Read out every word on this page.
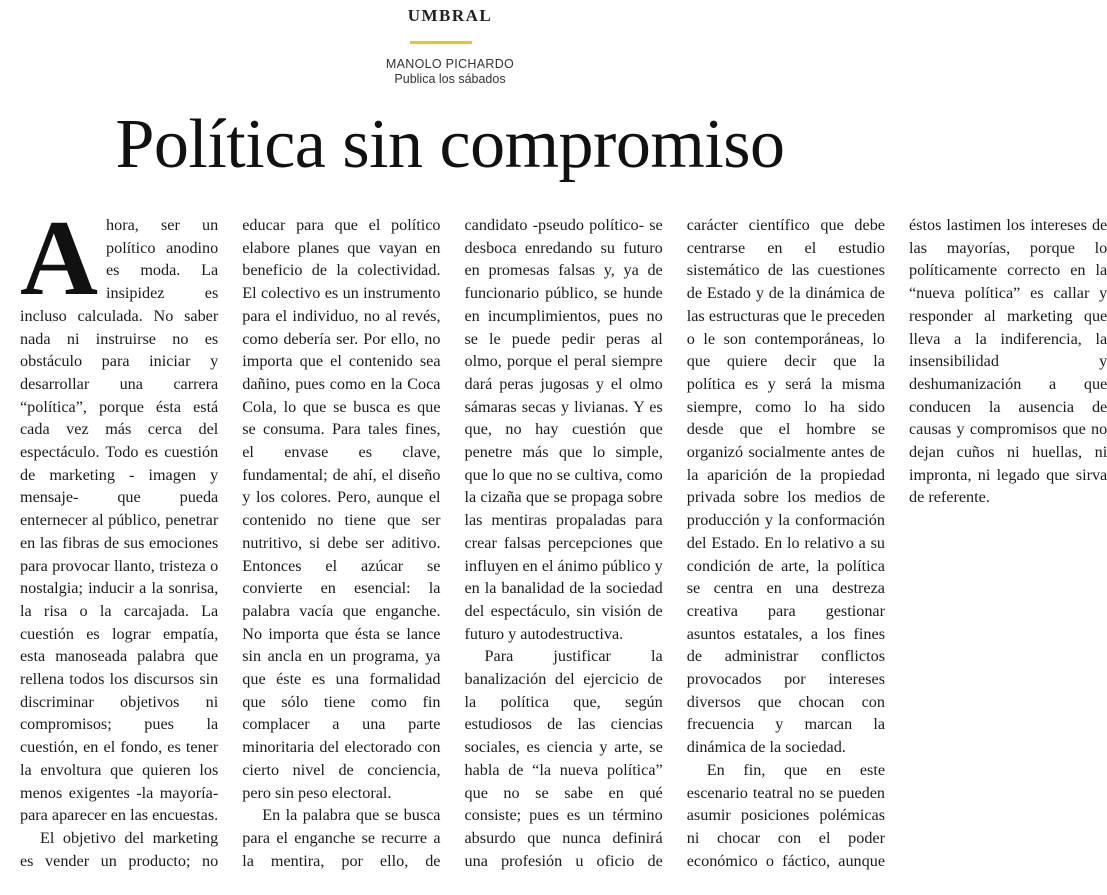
UMBRAL
MANOLO PICHARDO
Publica los sábados
Política sin compromiso

Ahora, ser un político anodino es moda. La insipidez es incluso calculada. No saber nada ni instruirse no es obstáculo para iniciar y desarrollar una carrera “política”, porque ésta está cada vez más cerca del espectáculo. Todo es cuestión de marketing - imagen y mensaje- que pueda enternecer al público, penetrar en las fibras de sus emociones para provocar llanto, tristeza o nostalgia; inducir a la sonrisa, la risa o la carcajada. La cuestión es lograr empatía, esta manoseada palabra que rellena todos los discursos sin discriminar objetivos ni compromisos; pues la cuestión, en el fondo, es tener la envoltura que quieren los menos exigentes -la mayoría- para aparecer en las encuestas.

El objetivo del marketing es vender un producto; no educar para que el político elabore planes que vayan en beneficio de la colectividad. El colectivo es un instrumento para el individuo, no al revés, como debería ser. Por ello, no importa que el contenido sea dañino, pues como en la Coca Cola, lo que se busca es que se consuma. Para tales fines, el envase es clave, fundamental; de ahí, el diseño y los colores. Pero, aunque el contenido no tiene que ser nutritivo, si debe ser aditivo. Entonces el azúcar se convierte en esencial: la palabra vacía que enganche. No importa que ésta se lance sin ancla en un programa, ya que éste es una formalidad que sólo tiene como fin complacer a una parte minoritaria del electorado con cierto nivel de conciencia, pero sin peso electoral.

En la palabra que se busca para el enganche se recurre a la mentira, por ello, de candidato -pseudo político- se desboca enredando su futuro en promesas falsas y, ya de funcionario público, se hunde en incumplimientos, pues no se le puede pedir peras al olmo, porque el peral siempre dará peras jugosas y el olmo sámaras secas y livianas. Y es que, no hay cuestión que penetre más que lo simple, que lo que no se cultiva, como la cizaña que se propaga sobre las mentiras propaladas para crear falsas percepciones que influyen en el ánimo público y en la banalidad de la sociedad del espectáculo, sin visión de futuro y autodestructiva.

Para justificar la banalización del ejercicio de la política que, según estudiosos de las ciencias sociales, es ciencia y arte, se habla de “la nueva política” que no se sabe en qué consiste; pues es un término absurdo que nunca definirá una profesión u oficio de carácter científico que debe centrarse en el estudio sistemático de las cuestiones de Estado y de la dinámica de las estructuras que le preceden o le son contemporáneas, lo que quiere decir que la política es y será la misma siempre, como lo ha sido desde que el hombre se organizó socialmente antes de la aparición de la propiedad privada sobre los medios de producción y la conformación del Estado. En lo relativo a su condición de arte, la política se centra en una destreza creativa para gestionar asuntos estatales, a los fines de administrar conflictos provocados por intereses diversos que chocan con frecuencia y marcan la dinámica de la sociedad.

En fin, que en este escenario teatral no se pueden asumir posiciones polémicas ni chocar con el poder económico o fáctico, aunque éstos lastimen los intereses de las mayorías, porque lo políticamente correcto en la “nueva política” es callar y responder al marketing que lleva a la indiferencia, la insensibilidad y deshumanización a que conducen la ausencia de causas y compromisos que no dejan cuños ni huellas, ni impronta, ni legado que sirva de referente.
